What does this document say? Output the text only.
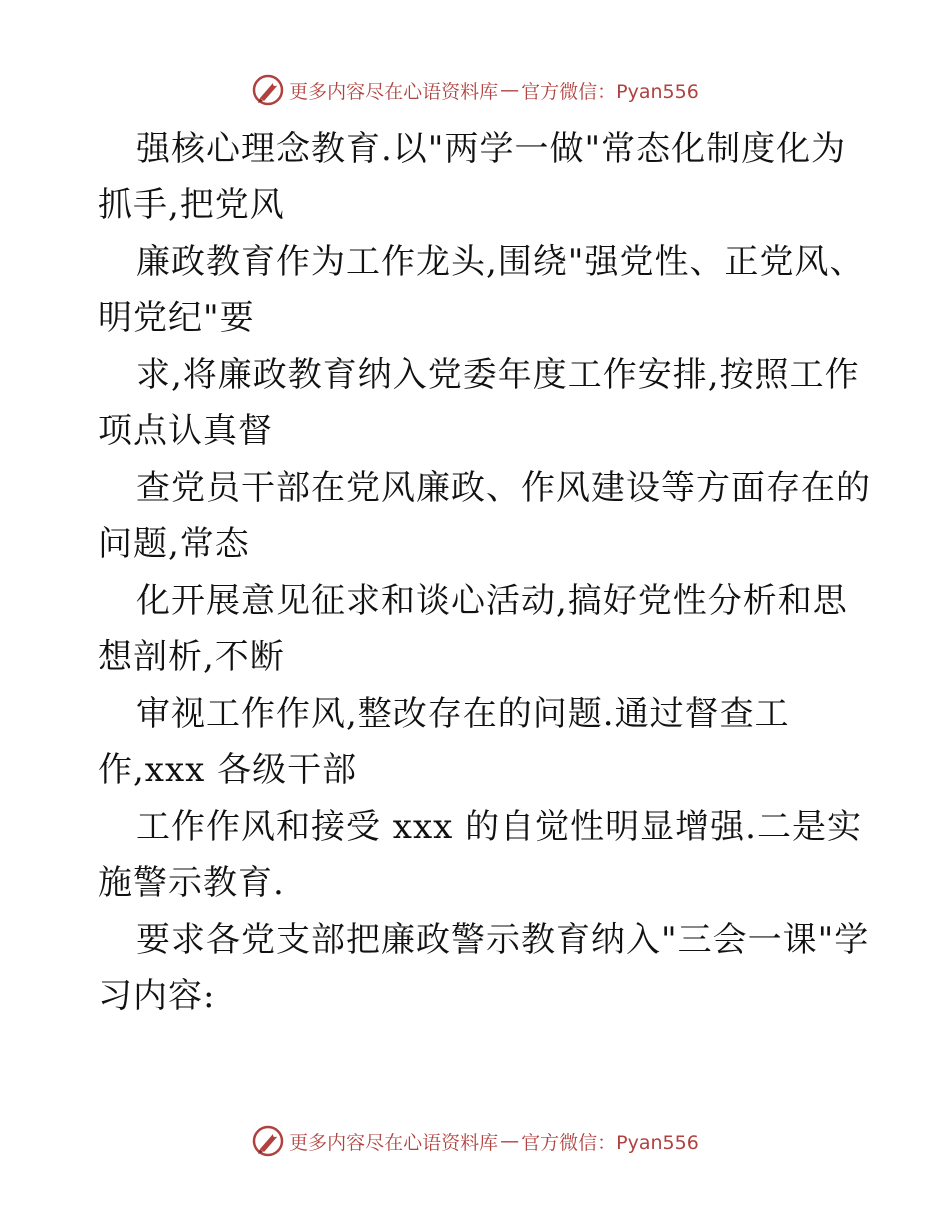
更多内容尽在心语资料库 — 官方微信：Pyan556

强核心理念教育.以"两学一做"常态化制度化为
抓手,把党风

廉政教育作为工作龙头,围绕"强党性、正党风、
明党纪"要

求,将廉政教育纳入党委年度工作安排,按照工作
项点认真督

查党员干部在党风廉政、作风建设等方面存在的
问题,常态

化开展意见征求和谈心活动,搞好党性分析和思
想剖析,不断

审视工作作风,整改存在的问题.通过督查工
作,xxx 各级干部

工作作风和接受 xxx 的自觉性明显增强.二是实
施警示教育.

要求各党支部把廉政警示教育纳入"三会一课"学
习内容:

更多内容尽在心语资料库 — 官方微信：Pyan556
